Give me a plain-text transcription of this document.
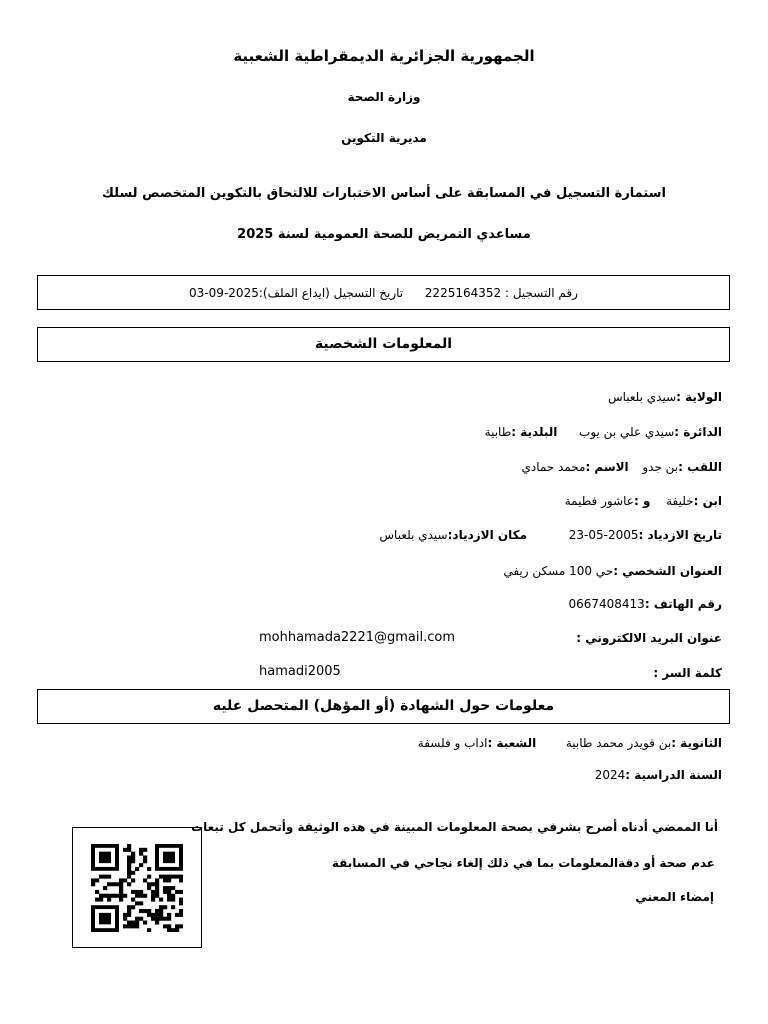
الجمهورية الجزائرية الديمقراطية الشعبية
وزارة الصحة
مديرية التكوين
استمارة التسجيل في المسابقة على أساس الاختبارات للالتحاق بالتكوين المتخصص لسلك
مساعدي التمريض للصحة العمومية لسنة 2025
رقم التسجيل : 2225164352  تاريخ التسجيل (ايداع الملف):2025-09-03
المعلومات الشخصية
الولاية :سيدي بلعباس
الدائرة :سيدي علي بن يوب  البلدية :طابية
اللقب :بن جدو  الاسم :محمد حمادي
ابن :خليفة  و :عاشور فطيمة
تاريخ الازدياد :2005-05-23  مكان الازدياد:سيدي بلعباس
العنوان الشخصي :حي 100 مسكن ريفي
رقم الهاتف :0667408413
عنوان البريد الالكتروني :
mohhamada2221@gmail.com
كلمة السر :
hamadi2005
معلومات حول الشهادة (أو المؤهل) المتحصل عليه
الثانوية :بن قويدر محمد طابية  الشعبة :اداب و فلسفة
السنة الدراسية :2024
أنا الممضي أدناه أصرح بشرفي بصحة المعلومات المبينة في هذه الوثيقة وأتحمل كل تبعات
عدم صحة أو دقةالمعلومات بما في ذلك إلغاء نجاحي في المسابقة
إمضاء المعني
